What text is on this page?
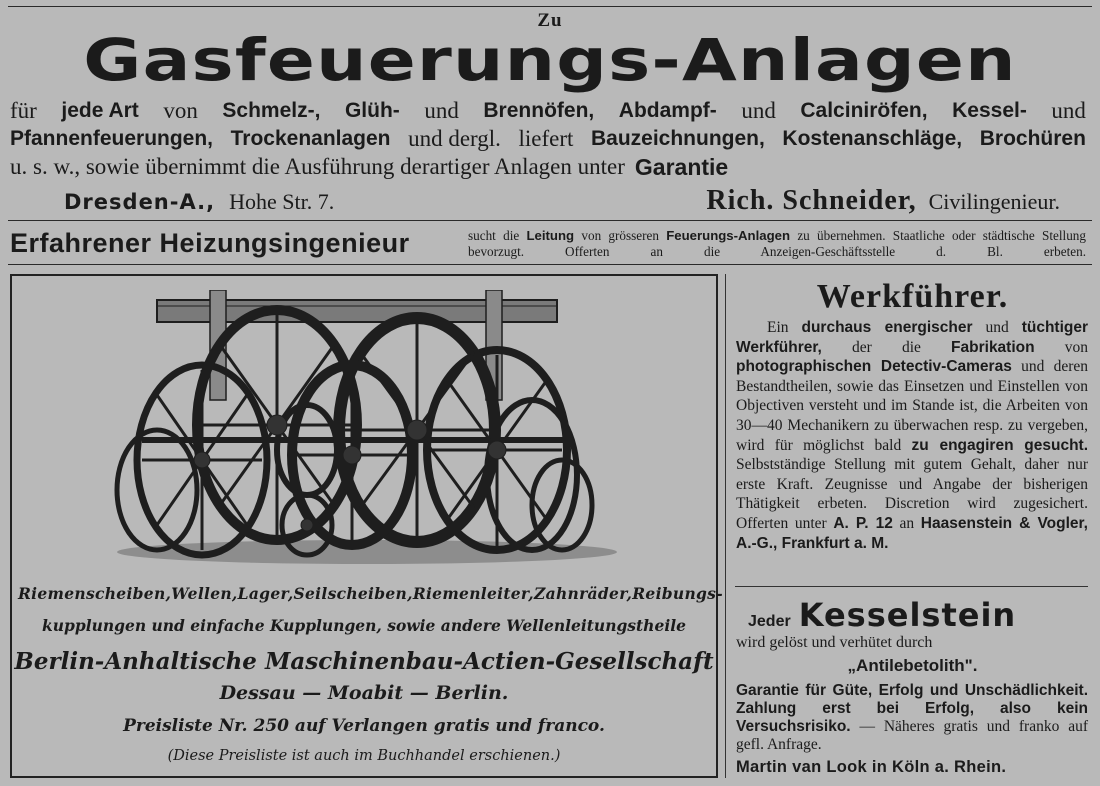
Zu
Gasfeuerungs-Anlagen
für jede Art von Schmelz-, Glüh- und Brennöfen, Abdampf- und Calciniröfen, Kessel- und
Pfannenfeuerungen, Trockenanlagen und dergl. liefert Bauzeichnungen, Kostenanschläge, Brochüren
u. s. w., sowie übernimmt die Ausführung derartiger Anlagen unter Garantie
Dresden-A., Hohe Str. 7.	Rich. Schneider, Civilingenieur.
Erfahrener Heizungsingenieur	sucht die Leitung von grösseren Feuerungs-Anlagen zu übernehmen. Staatliche oder städtische Stellung bevorzugt. Offerten an die Anzeigen-Geschäftsstelle d. Bl. erbeten.
Riemenscheiben, Wellen, Lager, Seilscheiben, Riemenleiter, Zahnräder, Reibungs-
kupplungen und einfache Kupplungen, sowie andere Wellenleitungstheile
Berlin-Anhaltische Maschinenbau-Actien-Gesellschaft
Dessau — Moabit — Berlin.
Preisliste Nr. 250 auf Verlangen gratis und franco.
(Diese Preisliste ist auch im Buchhandel erschienen.)
Werkführer.
  Ein durchaus energischer und tüchtiger Werkführer, der die Fabrikation von photographischen Detectiv-Cameras und deren Bestandtheilen, sowie das Einsetzen und Einstellen von Objectiven versteht und im Stande ist, die Arbeiten von 30—40 Mechanikern zu überwachen resp. zu vergeben, wird für möglichst bald zu engagiren gesucht. Selbstständige Stellung mit gutem Gehalt, daher nur erste Kraft. Zeugnisse und Angabe der bisherigen Thätigkeit erbeten. Discretion wird zugesichert. Offerten unter A. P. 12 an Haasenstein & Vogler, A.-G., Frankfurt a. M.
Jeder Kesselstein
wird gelöst und verhütet durch
„Antilebetolith".
Garantie für Güte, Erfolg und Unschädlichkeit. Zahlung erst bei Erfolg, also kein Versuchsrisiko. — Näheres gratis und franko auf gefl. Anfrage.
Martin van Look in Köln a. Rhein.
